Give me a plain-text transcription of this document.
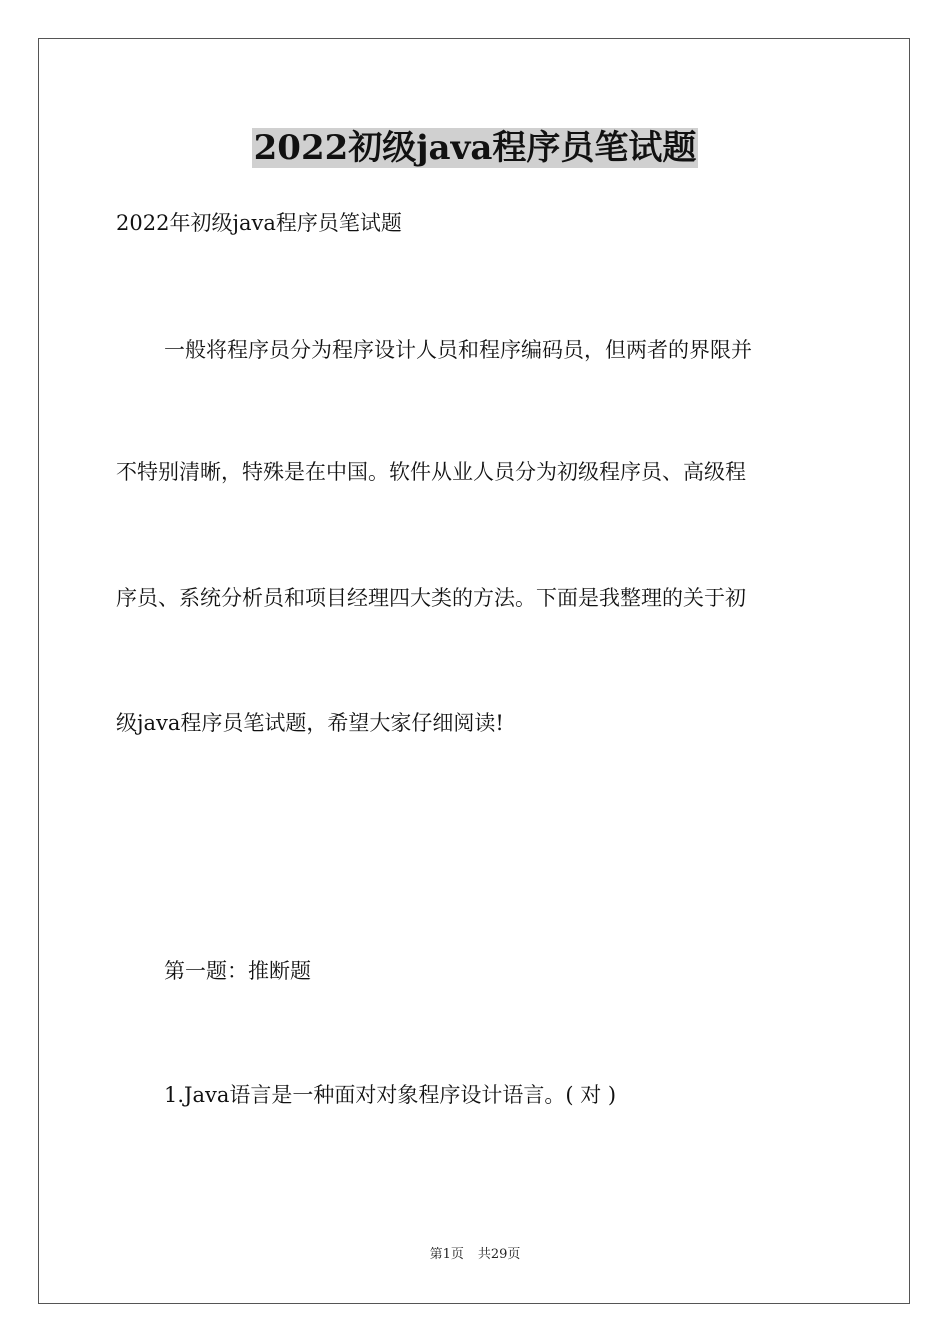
2022初级java程序员笔试题
2022年初级java程序员笔试题
一般将程序员分为程序设计人员和程序编码员，但两者的界限并
不特别清晰，特殊是在中国。软件从业人员分为初级程序员、高级程
序员、系统分析员和项目经理四大类的方法。下面是我整理的关于初
级java程序员笔试题，希望大家仔细阅读!
第一题：推断题
1.Java语言是一种面对对象程序设计语言。( 对 )
第1页 共29页
